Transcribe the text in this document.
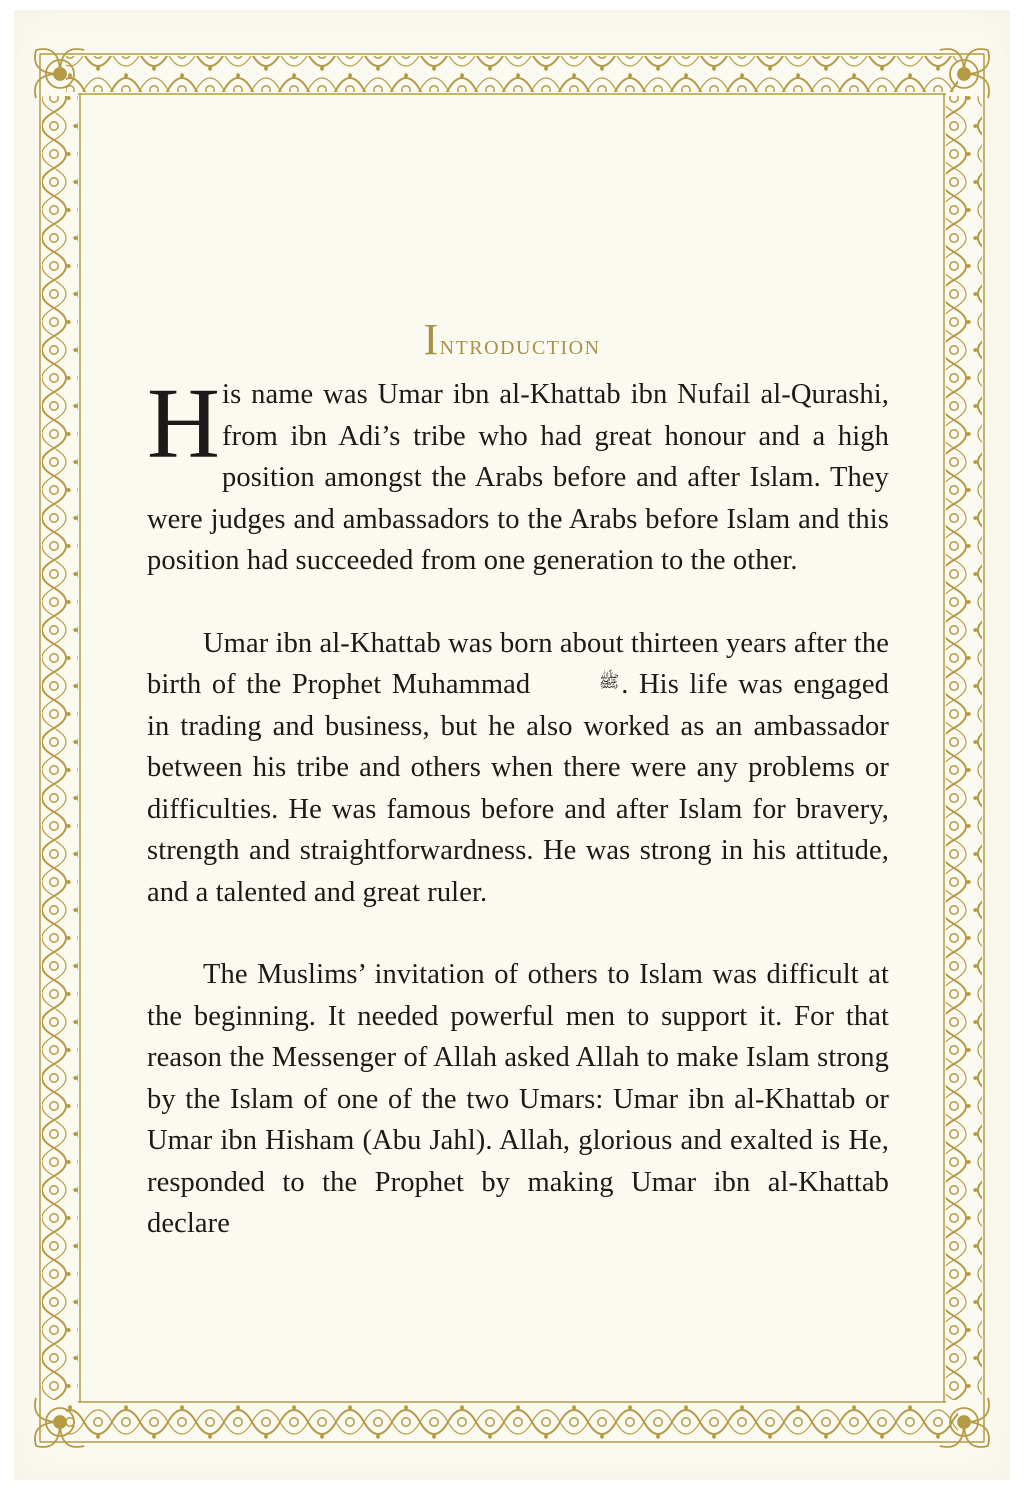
Introduction

His name was Umar ibn al-Khattab ibn Nufail al-Qurashi, from ibn Adi’s tribe who had great honour and a high position amongst the Arabs before and after Islam. They were judges and ambassadors to the Arabs before Islam and this position had succeeded from one generation to the other.

Umar ibn al-Khattab was born about thirteen years after the birth of the Prophet Muhammad	ﷺ. His life was engaged in trading and business, but he also worked as an ambassador between his tribe and others when there were any problems or difficulties. He was famous before and after Islam for bravery, strength and straightforwardness. He was strong in his attitude, and a talented and great ruler.

The Muslims’ invitation of others to Islam was difficult at the beginning. It needed powerful men to support it. For that reason the Messenger of Allah asked Allah to make Islam strong by the Islam of one of the two Umars: Umar ibn al-Khattab or Umar ibn Hisham (Abu Jahl). Allah, glorious and exalted is He, responded to the Prophet by making Umar ibn al-Khattab declare
